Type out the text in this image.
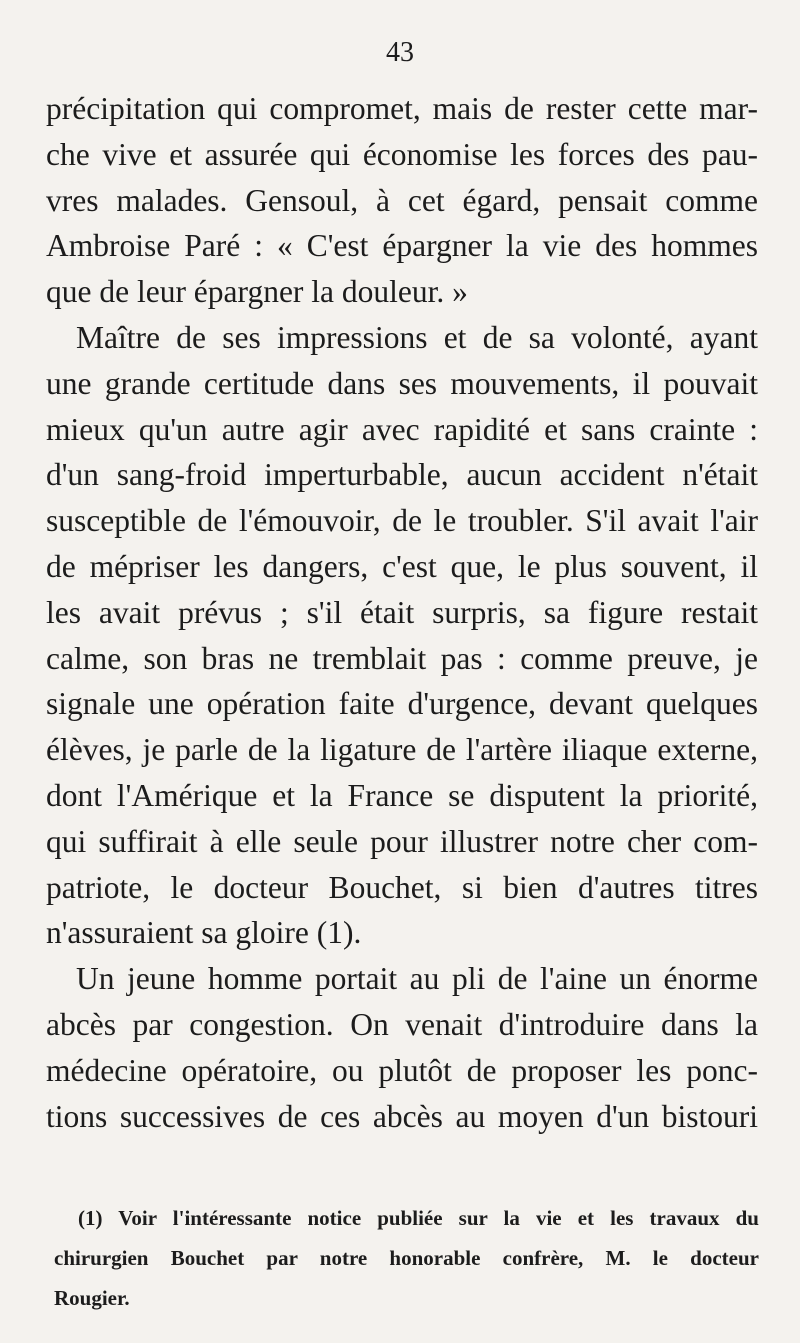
43
précipitation qui compromet, mais de rester cette mar-
che vive et assurée qui économise les forces des pau-
vres malades. Gensoul, à cet égard, pensait comme
Ambroise Paré : « C'est épargner la vie des hommes
que de leur épargner la douleur. »
Maître de ses impressions et de sa volonté, ayant
une grande certitude dans ses mouvements, il pouvait
mieux qu'un autre agir avec rapidité et sans crainte :
d'un sang-froid imperturbable, aucun accident n'était
susceptible de l'émouvoir, de le troubler. S'il avait l'air
de mépriser les dangers, c'est que, le plus souvent, il
les avait prévus ; s'il était surpris, sa figure restait
calme, son bras ne tremblait pas : comme preuve, je
signale une opération faite d'urgence, devant quelques
élèves, je parle de la ligature de l'artère iliaque externe,
dont l'Amérique et la France se disputent la priorité,
qui suffirait à elle seule pour illustrer notre cher com-
patriote, le docteur Bouchet, si bien d'autres titres
n'assuraient sa gloire (1).
Un jeune homme portait au pli de l'aine un énorme
abcès par congestion. On venait d'introduire dans la
médecine opératoire, ou plutôt de proposer les ponc-
tions successives de ces abcès au moyen d'un bistouri
(1) Voir l'intéressante notice publiée sur la vie et les travaux du
chirurgien Bouchet par notre honorable confrère, M. le docteur
Rougier.
